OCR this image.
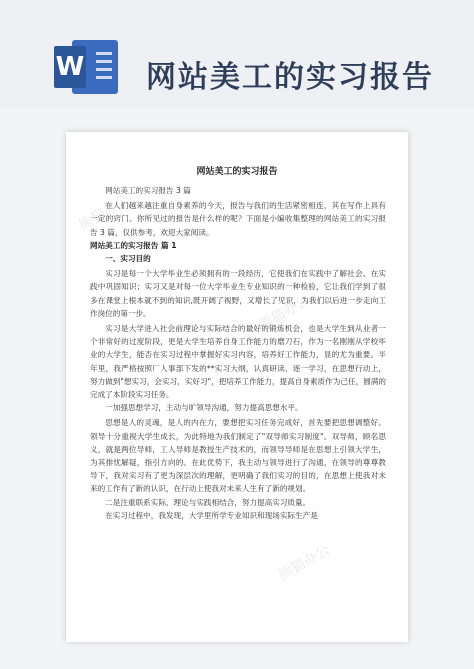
W 网站美工的实习报告
熊猫办公
熊猫办公
熊猫办公
熊猫办公
网站美工的实习报告

网站美工的实习报告 3 篇

在人们越来越注重自身素养的今天，报告与我们的生活紧密相连，其在写作上具有一定的窍门。你所见过的报告是什么样的呢？下面是小编收集整理的网站美工的实习报告 3 篇，仅供参考，欢迎大家阅读。

网站美工的实习报告 篇 1

一、实习目的

实习是每一个大学毕业生必须拥有的一段经历，它使我们在实践中了解社会、在实践中巩固知识；实习又是对每一位大学毕业生专业知识的一种检验，它让我们学到了很多在课堂上根本就不到的知识,既开阔了视野，又增长了见识，为我们以后进一步走向工作岗位的第一步。

实习是大学进入社会前理论与实际结合的最好的锻炼机会，也是大学生到从业者一个非常好的过度阶段，更是大学生培养自身工作能力的磨刀石，作为一名刚刚从学校毕业的大学生，能否在实习过程中掌握好实习内容，培养好工作能力，显的尤为重要。半年里，我严格按照厂人事部下发的**实习大纲，认真研读、逐一学习，在思想行动上，努力做到"想实习，会实习，实好习"，把培养工作能力，提高自身素质作为己任，圆满的完成了本阶段实习任务。

一加强思想学习，主动与旷领导沟通，努力提高思想水平。

思想是人的灵魂，是人的内在力，要想把实习任务完成好，首先要把思想调整好。领导十分重视大学生成长，为此特地为我们制定了"双导师实习制度"。双导师，顾名思义，就是两位导师，工人导师是教授生产技术的，而领导导师是在思想上引领大学生，为其排忧解疑，指引方向的。在此优势下，我主动与领导进行了沟通，在领导的尊尊教导下，我对实习有了更为深层次的理解，更明确了我们实习的目的，在思想上使我对未来的工作有了新的认识，在行动上使我对未来人生有了新的规划。

二是注重联系实际，理论与实践相结合，努力提高实习质量。

在实习过程中，我发现，大学里所学专业知识和现场实际生产是
